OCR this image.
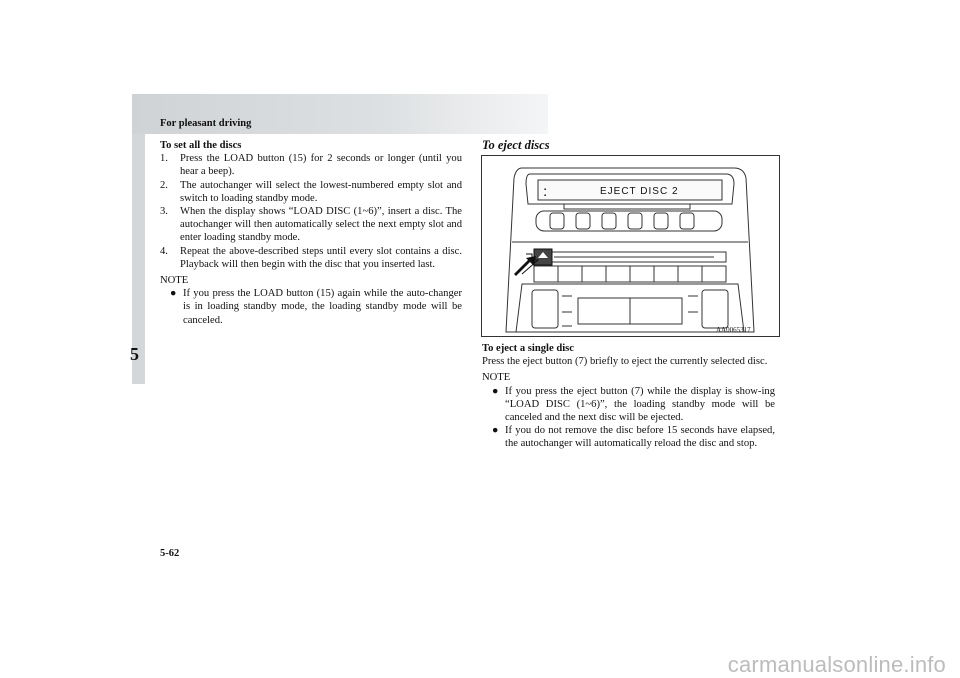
For pleasant driving
5
To set all the discs
1.	Press the LOAD button (15) for 2 seconds or longer (until you hear a beep).
2.	The autochanger will select the lowest-numbered empty slot and switch to loading standby mode.
3.	When the display shows “LOAD DISC (1~6)”, insert a disc. The autochanger will then automatically select the next empty slot and enter loading standby mode.
4.	Repeat the above-described steps until every slot contains a disc. Playback will then begin with the disc that you inserted last.
NOTE
● If you press the LOAD button (15) again while the auto-changer is in loading standby mode, the loading standby mode will be canceled.
To eject discs
EJECT DISC 2
▪
▪
AA0065317
To eject a single disc
Press the eject button (7) briefly to eject the currently selected disc.
NOTE
● If you press the eject button (7) while the display is show-ing “LOAD DISC (1~6)”, the loading standby mode will be canceled and the next disc will be ejected.
● If you do not remove the disc before 15 seconds have elapsed, the autochanger will automatically reload the disc and stop.
5-62
carmanualsonline.info
